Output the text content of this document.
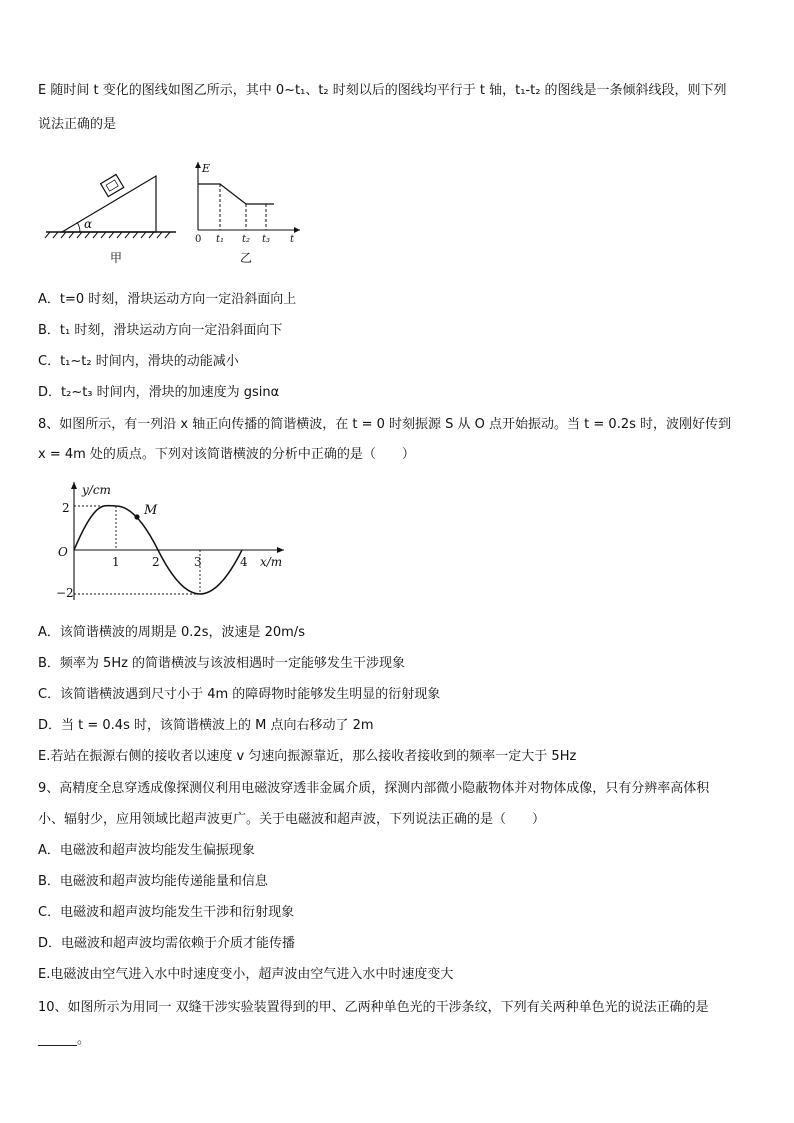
E 随时间 t 变化的图线如图乙所示，其中 0~t₁、t₂ 时刻以后的图线均平行于 t 轴，t₁-t₂ 的图线是一条倾斜线段，则下列
说法正确的是
α
甲
E
0 t₁ t₂ t₃ t
乙
A．t=0 时刻，滑块运动方向一定沿斜面向上
B．t₁ 时刻，滑块运动方向一定沿斜面向下
C．t₁~t₂ 时间内，滑块的动能减小
D．t₂~t₃ 时间内，滑块的加速度为 gsinα
8、如图所示，有一列沿 x 轴正向传播的简谐横波，在 t = 0 时刻振源 S 从 O 点开始振动。当 t = 0.2s 时，波刚好传到
x = 4m 处的质点。下列对该简谐横波的分析中正确的是（　　）
y/cm
x/m
O
2
−2
M
1	2	3	4
A．该简谐横波的周期是 0.2s，波速是 20m/s
B．频率为 5Hz 的简谐横波与该波相遇时一定能够发生干涉现象
C．该简谐横波遇到尺寸小于 4m 的障碍物时能够发生明显的衍射现象
D．当 t = 0.4s 时，该简谐横波上的 M 点向右移动了 2m
E.若站在振源右侧的接收者以速度 v 匀速向振源靠近，那么接收者接收到的频率一定大于 5Hz
9、高精度全息穿透成像探测仪利用电磁波穿透非金属介质，探测内部微小隐蔽物体并对物体成像，只有分辨率高体积
小、辐射少，应用领域比超声波更广。关于电磁波和超声波，下列说法正确的是（　　）
A．电磁波和超声波均能发生偏振现象
B．电磁波和超声波均能传递能量和信息
C．电磁波和超声波均能发生干涉和衍射现象
D．电磁波和超声波均需依赖于介质才能传播
E.电磁波由空气进入水中时速度变小，超声波由空气进入水中时速度变大
10、如图所示为用同一 双缝干涉实验装置得到的甲、乙两种单色光的干涉条纹，下列有关两种单色光的说法正确的是
______。
